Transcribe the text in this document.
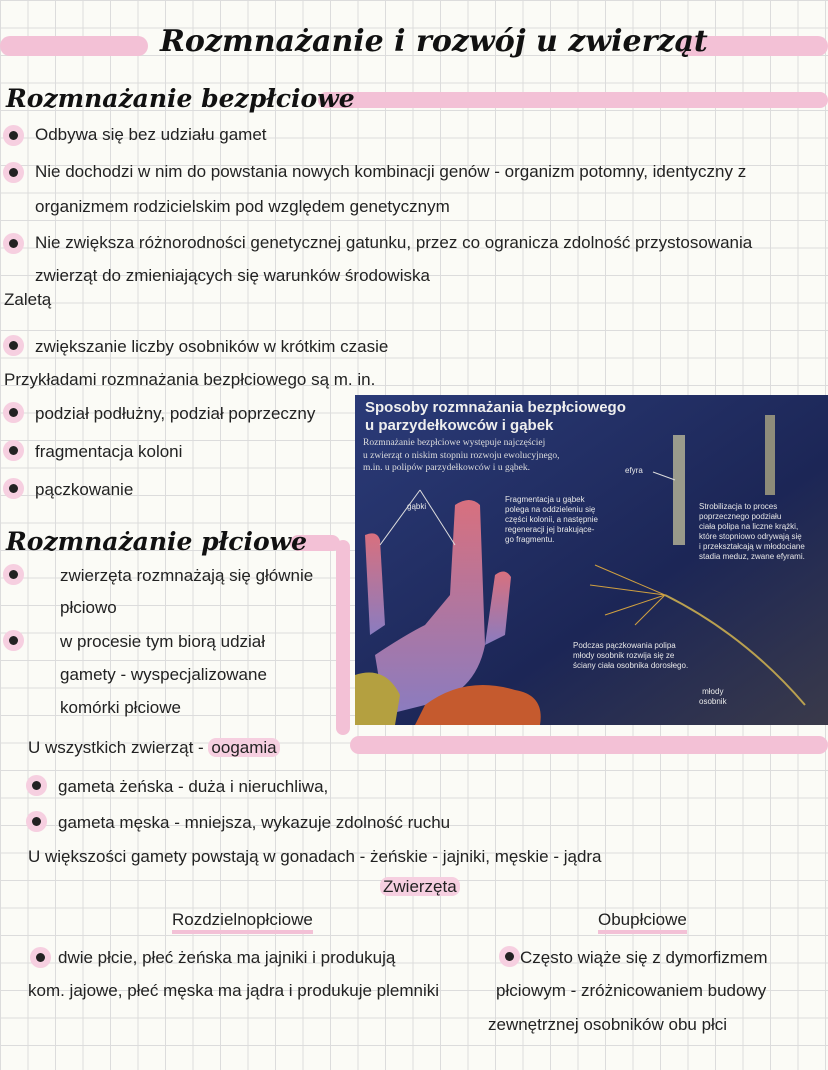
Rozmnażanie i rozwój u zwierząt
Rozmnażanie bezpłciowe
Odbywa się bez udziału gamet
Nie dochodzi w nim do powstania nowych kombinacji genów - organizm potomny, identyczny z
organizmem rodzicielskim pod względem genetycznym
Nie zwiększa różnorodności genetycznej gatunku, przez co ogranicza zdolność przystosowania
zwierząt do zmieniających się warunków środowiska
Zaletą
zwiększanie liczby osobników w krótkim czasie
Przykładami rozmnażania bezpłciowego są m. in.
podział podłużny, podział poprzeczny
fragmentacja koloni
pączkowanie
Rozmnażanie płciowe
Sposoby rozmnażania bezpłciowego
u parzydełkowców i gąbek
Rozmnażanie bezpłciowe występuje najczęściej
u zwierząt o niskim stopniu rozwoju ewolucyjnego,
m.in. u polipów parzydełkowców i u gąbek.
gąbki
efyra
Fragmentacja u gąbek
polega na oddzieleniu się
części kolonii, a następnie
regeneracji jej brakujące-
go fragmentu.
Strobilizacja to proces
poprzecznego podziału
ciała polipa na liczne krążki,
które stopniowo odrywają się
i przekształcają w młodociane
stadia meduz, zwane efyrami.
Podczas pączkowania polipa
młody osobnik rozwija się ze
ściany ciała osobnika dorosłego.
młody
osobnik
zwierzęta rozmnażają się głównie
płciowo
w procesie tym biorą udział
gamety - wyspecjalizowane
komórki płciowe
U wszystkich zwierząt - oogamia
gameta żeńska - duża i nieruchliwa,
gameta męska - mniejsza, wykazuje zdolność ruchu
U większości gamety powstają w gonadach - żeńskie - jajniki, męskie - jądra
Zwierzęta
Rozdzielnopłciowe
dwie płcie, płeć żeńska ma jajniki i produkują
kom. jajowe, płeć męska ma jądra i produkuje plemniki
Obupłciowe
Często wiąże się z dymorfizmem
płciowym - zróżnicowaniem budowy
zewnętrznej osobników obu płci
